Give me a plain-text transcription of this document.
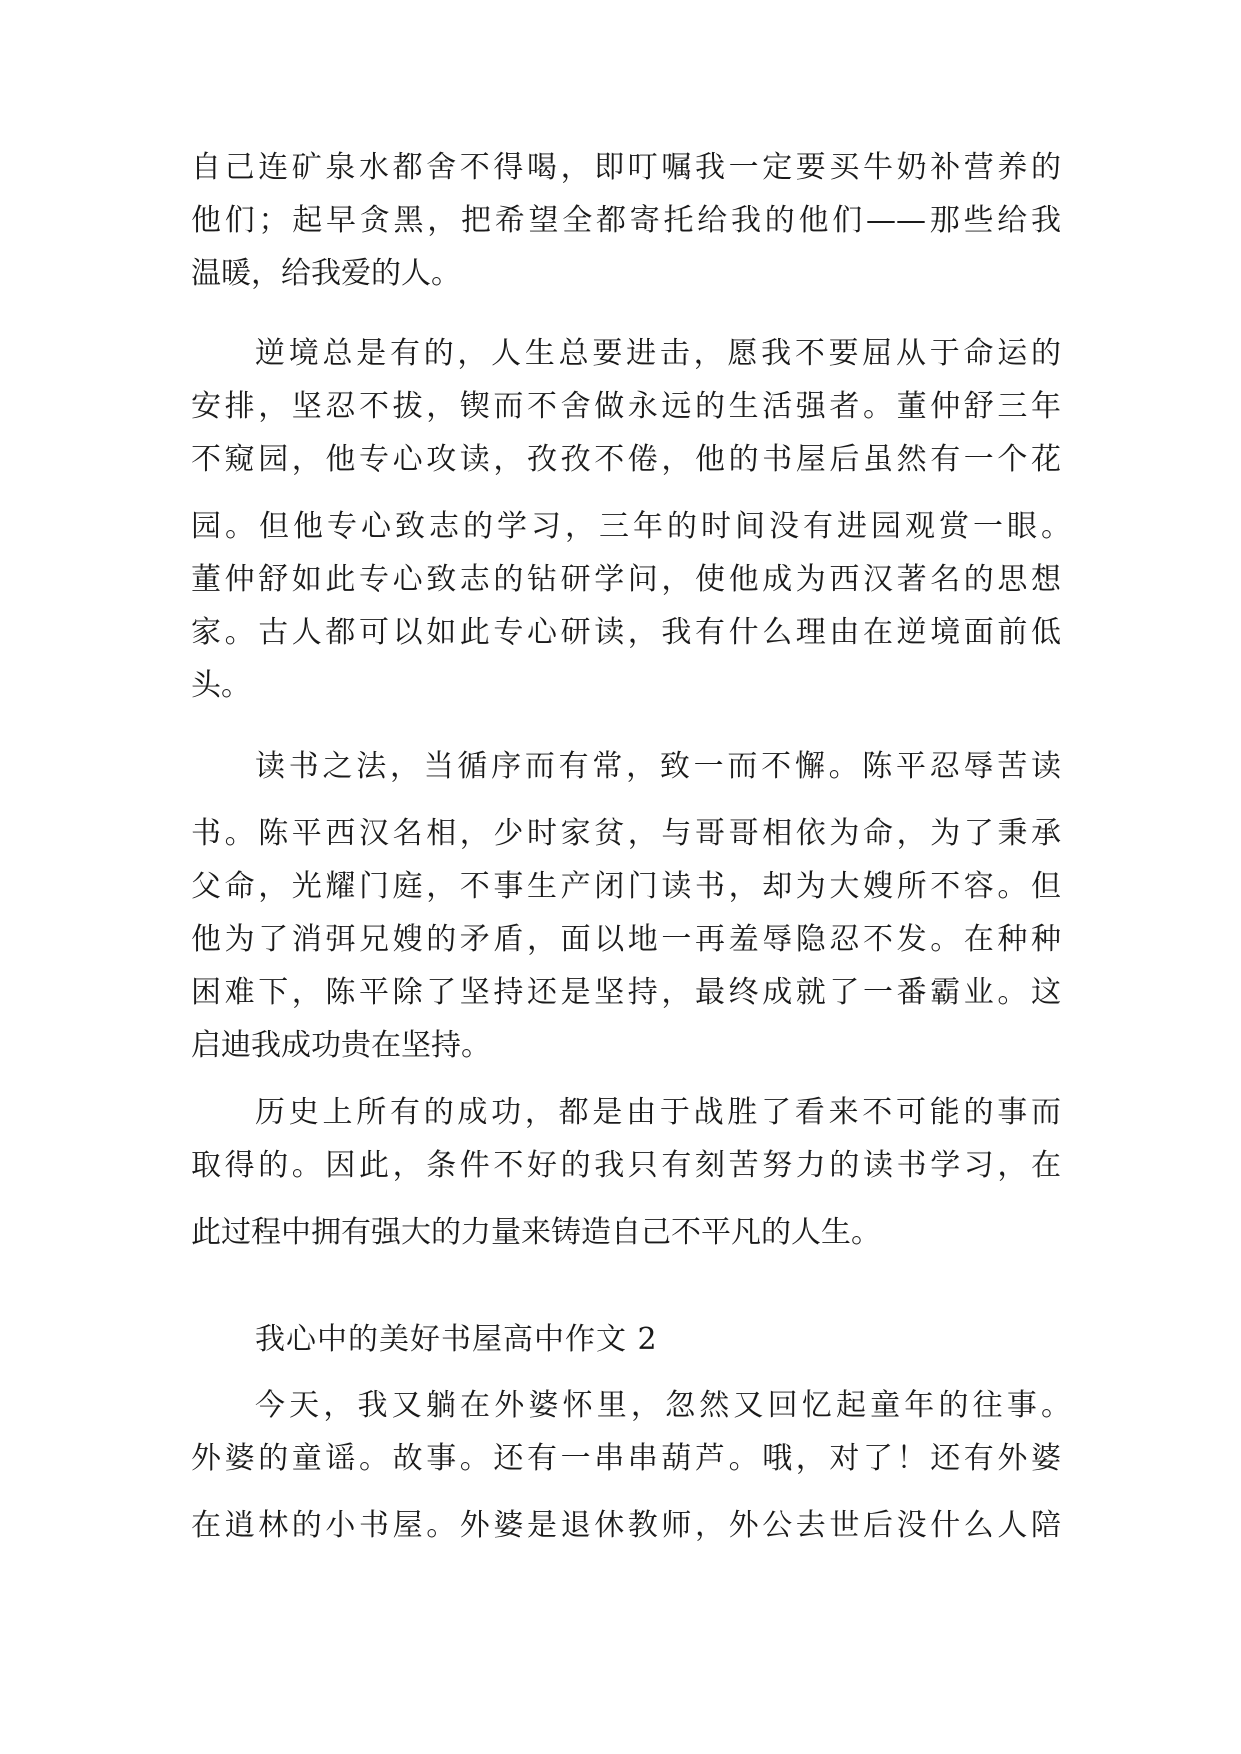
自己连矿泉水都舍不得喝，即叮嘱我一定要买牛奶补营养的
他们；起早贪黑，把希望全都寄托给我的他们——那些给我
温暖，给我爱的人。
逆境总是有的，人生总要进击，愿我不要屈从于命运的
安排，坚忍不拔，锲而不舍做永远的生活强者。董仲舒三年
不窥园，他专心攻读，孜孜不倦，他的书屋后虽然有一个花
园。但他专心致志的学习，三年的时间没有进园观赏一眼。
董仲舒如此专心致志的钻研学问，使他成为西汉著名的思想
家。古人都可以如此专心研读，我有什么理由在逆境面前低
头。
读书之法，当循序而有常，致一而不懈。陈平忍辱苦读
书。陈平西汉名相，少时家贫，与哥哥相依为命，为了秉承
父命，光耀门庭，不事生产闭门读书，却为大嫂所不容。但
他为了消弭兄嫂的矛盾，面以地一再羞辱隐忍不发。在种种
困难下，陈平除了坚持还是坚持，最终成就了一番霸业。这
启迪我成功贵在坚持。
历史上所有的成功，都是由于战胜了看来不可能的事而
取得的。因此，条件不好的我只有刻苦努力的读书学习，在
此过程中拥有强大的力量来铸造自己不平凡的人生。
我心中的美好书屋高中作文 2
今天，我又躺在外婆怀里，忽然又回忆起童年的往事。
外婆的童谣。故事。还有一串串葫芦。哦，对了！还有外婆
在逍林的小书屋。外婆是退休教师，外公去世后没什么人陪
